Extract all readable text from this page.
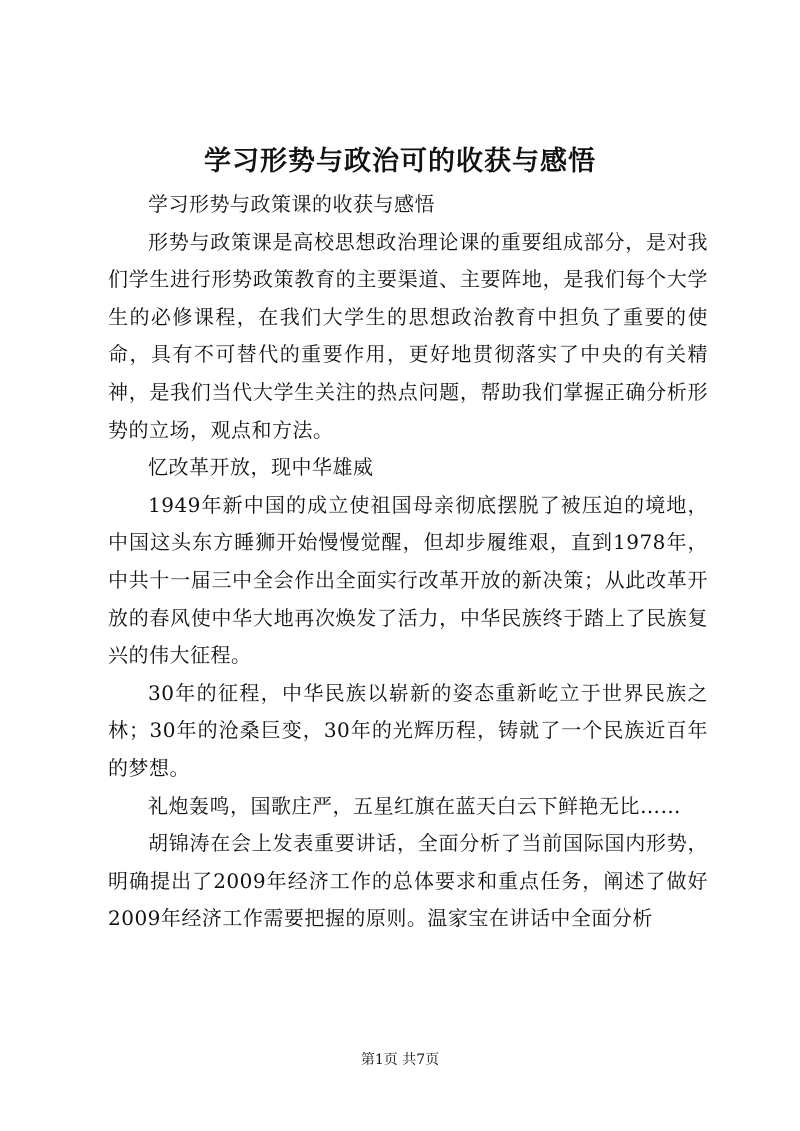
学习形势与政治可的收获与感悟

学习形势与政策课的收获与感悟

形势与政策课是高校思想政治理论课的重要组成部分，是对我们学生进行形势政策教育的主要渠道、主要阵地，是我们每个大学生的必修课程，在我们大学生的思想政治教育中担负了重要的使命，具有不可替代的重要作用，更好地贯彻落实了中央的有关精神，是我们当代大学生关注的热点问题，帮助我们掌握正确分析形势的立场，观点和方法。

忆改革开放，现中华雄威

1949年新中国的成立使祖国母亲彻底摆脱了被压迫的境地，中国这头东方睡狮开始慢慢觉醒，但却步履维艰，直到1978年，中共十一届三中全会作出全面实行改革开放的新决策；从此改革开放的春风使中华大地再次焕发了活力，中华民族终于踏上了民族复兴的伟大征程。

30年的征程，中华民族以崭新的姿态重新屹立于世界民族之林；30年的沧桑巨变，30年的光辉历程，铸就了一个民族近百年的梦想。

礼炮轰鸣，国歌庄严，五星红旗在蓝天白云下鲜艳无比……

胡锦涛在会上发表重要讲话，全面分析了当前国际国内形势，明确提出了2009年经济工作的总体要求和重点任务，阐述了做好2009年经济工作需要把握的原则。温家宝在讲话中全面分析

第1页 共7页
